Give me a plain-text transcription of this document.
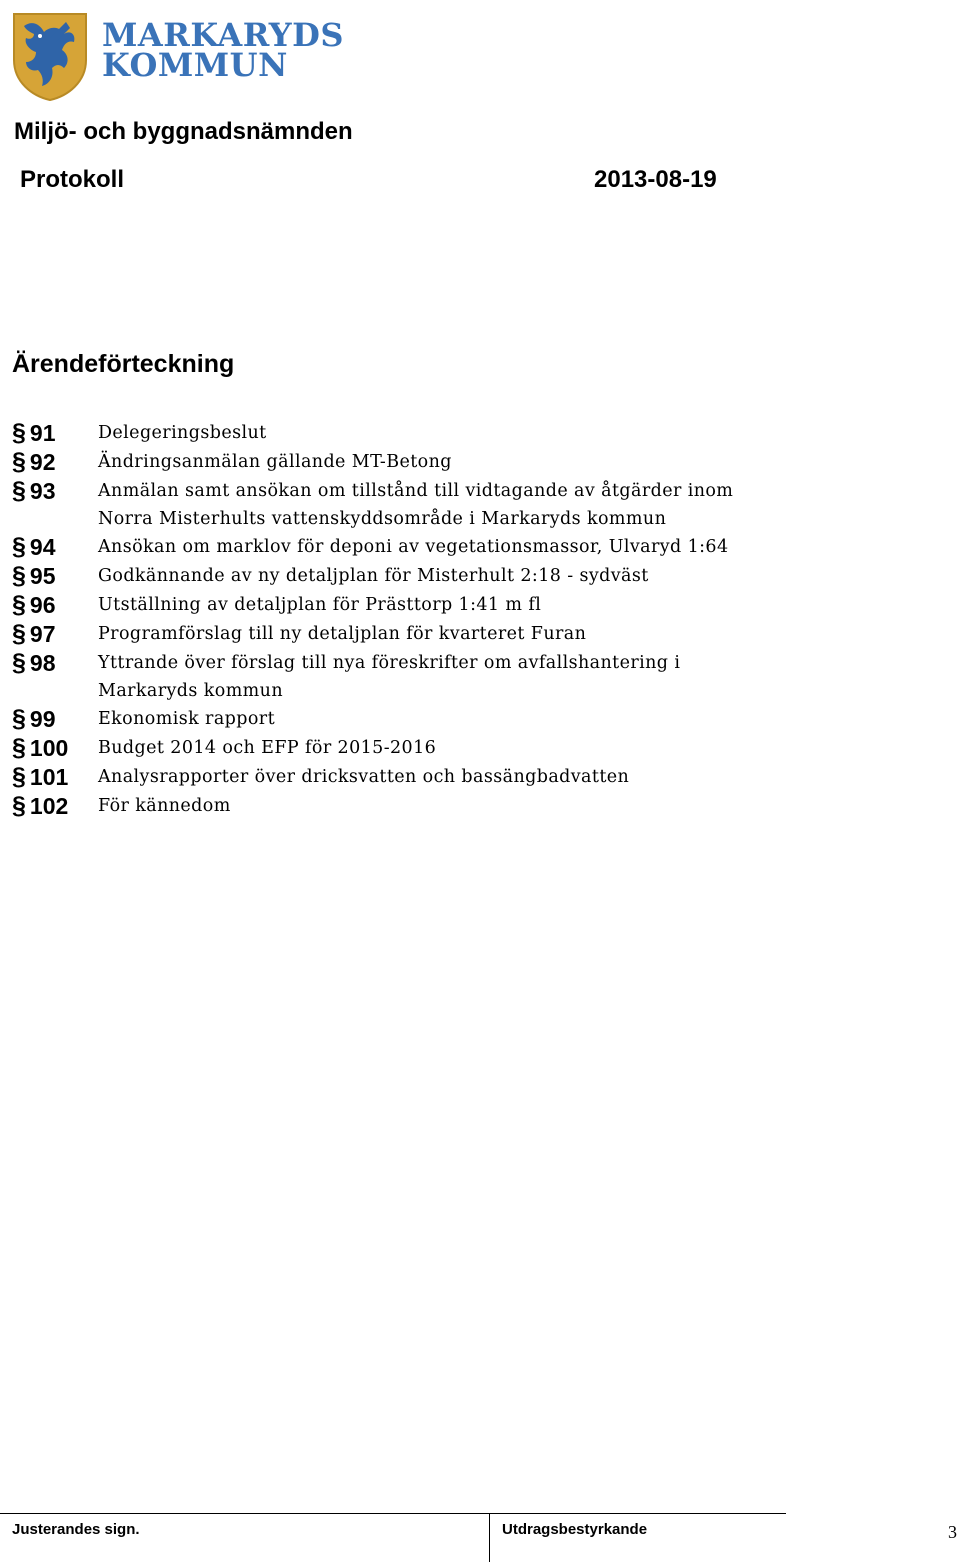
MARKARYDS
KOMMUN
Miljö- och byggnadsnämnden
Protokoll	2013-08-19
Ärendeförteckning
§ 91	Delegeringsbeslut
§ 92	Ändringsanmälan gällande MT-Betong
§ 93	Anmälan samt ansökan om tillstånd till vidtagande av åtgärder inom
Norra Misterhults vattenskyddsområde i Markaryds kommun
§ 94	Ansökan om marklov för deponi av vegetationsmassor, Ulvaryd 1:64
§ 95	Godkännande av ny detaljplan för Misterhult 2:18 - sydväst
§ 96	Utställning av detaljplan för Prästtorp 1:41 m fl
§ 97	Programförslag till ny detaljplan för kvarteret Furan
§ 98	Yttrande över förslag till nya föreskrifter om avfallshantering i
Markaryds kommun
§ 99	Ekonomisk rapport
§ 100	Budget 2014 och EFP för 2015-2016
§ 101	Analysrapporter över dricksvatten och bassängbadvatten
§ 102	För kännedom
Justerandes sign.	Utdragsbestyrkande	3
